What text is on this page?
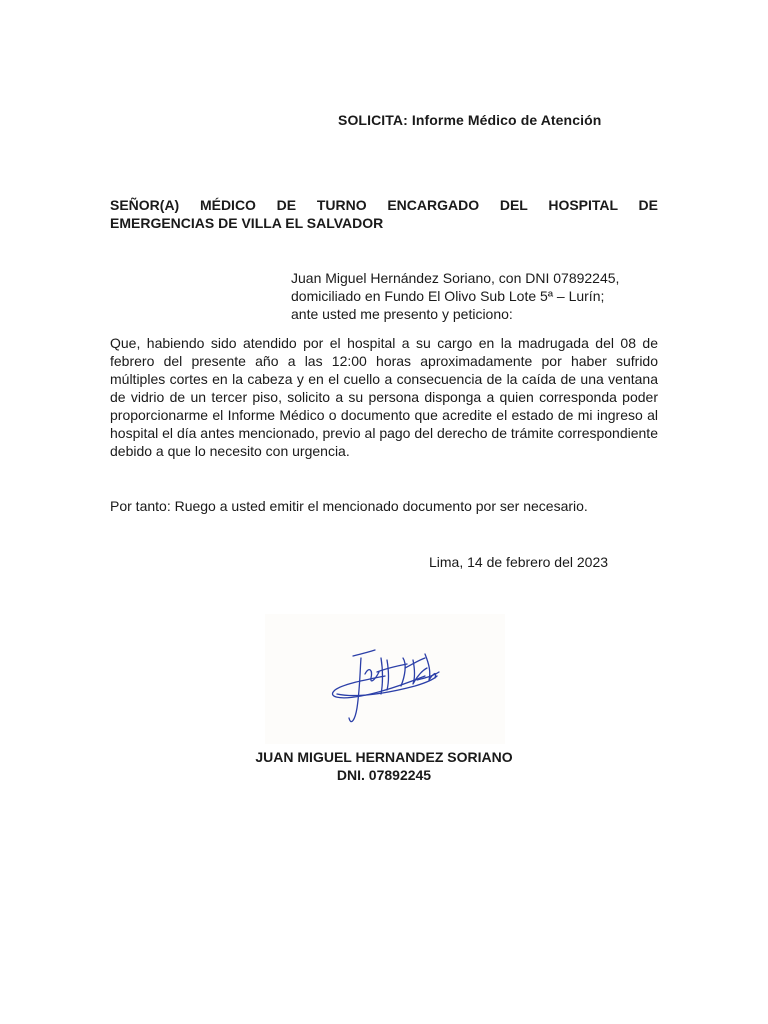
SOLICITA: Informe Médico de Atención
SEÑOR(A) MÉDICO DE TURNO ENCARGADO DEL HOSPITAL DE
EMERGENCIAS DE VILLA EL SALVADOR
Juan Miguel Hernández Soriano, con DNI 07892245,
domiciliado en Fundo El Olivo Sub Lote 5ª – Lurín;
ante usted me presento y peticiono:
Que, habiendo sido atendido por el hospital a su cargo en la madrugada del 08 de febrero del presente año a las 12:00 horas aproximadamente por haber sufrido múltiples cortes en la cabeza y en el cuello a consecuencia de la caída de una ventana de vidrio de un tercer piso, solicito a su persona disponga a quien corresponda poder proporcionarme el Informe Médico o documento que acredite el estado de mi ingreso al hospital el día antes mencionado, previo al pago del derecho de trámite correspondiente debido a que lo necesito con urgencia.
Por tanto: Ruego a usted emitir el mencionado documento por ser necesario.
Lima, 14 de febrero del 2023
JUAN MIGUEL HERNANDEZ SORIANO
DNI. 07892245
